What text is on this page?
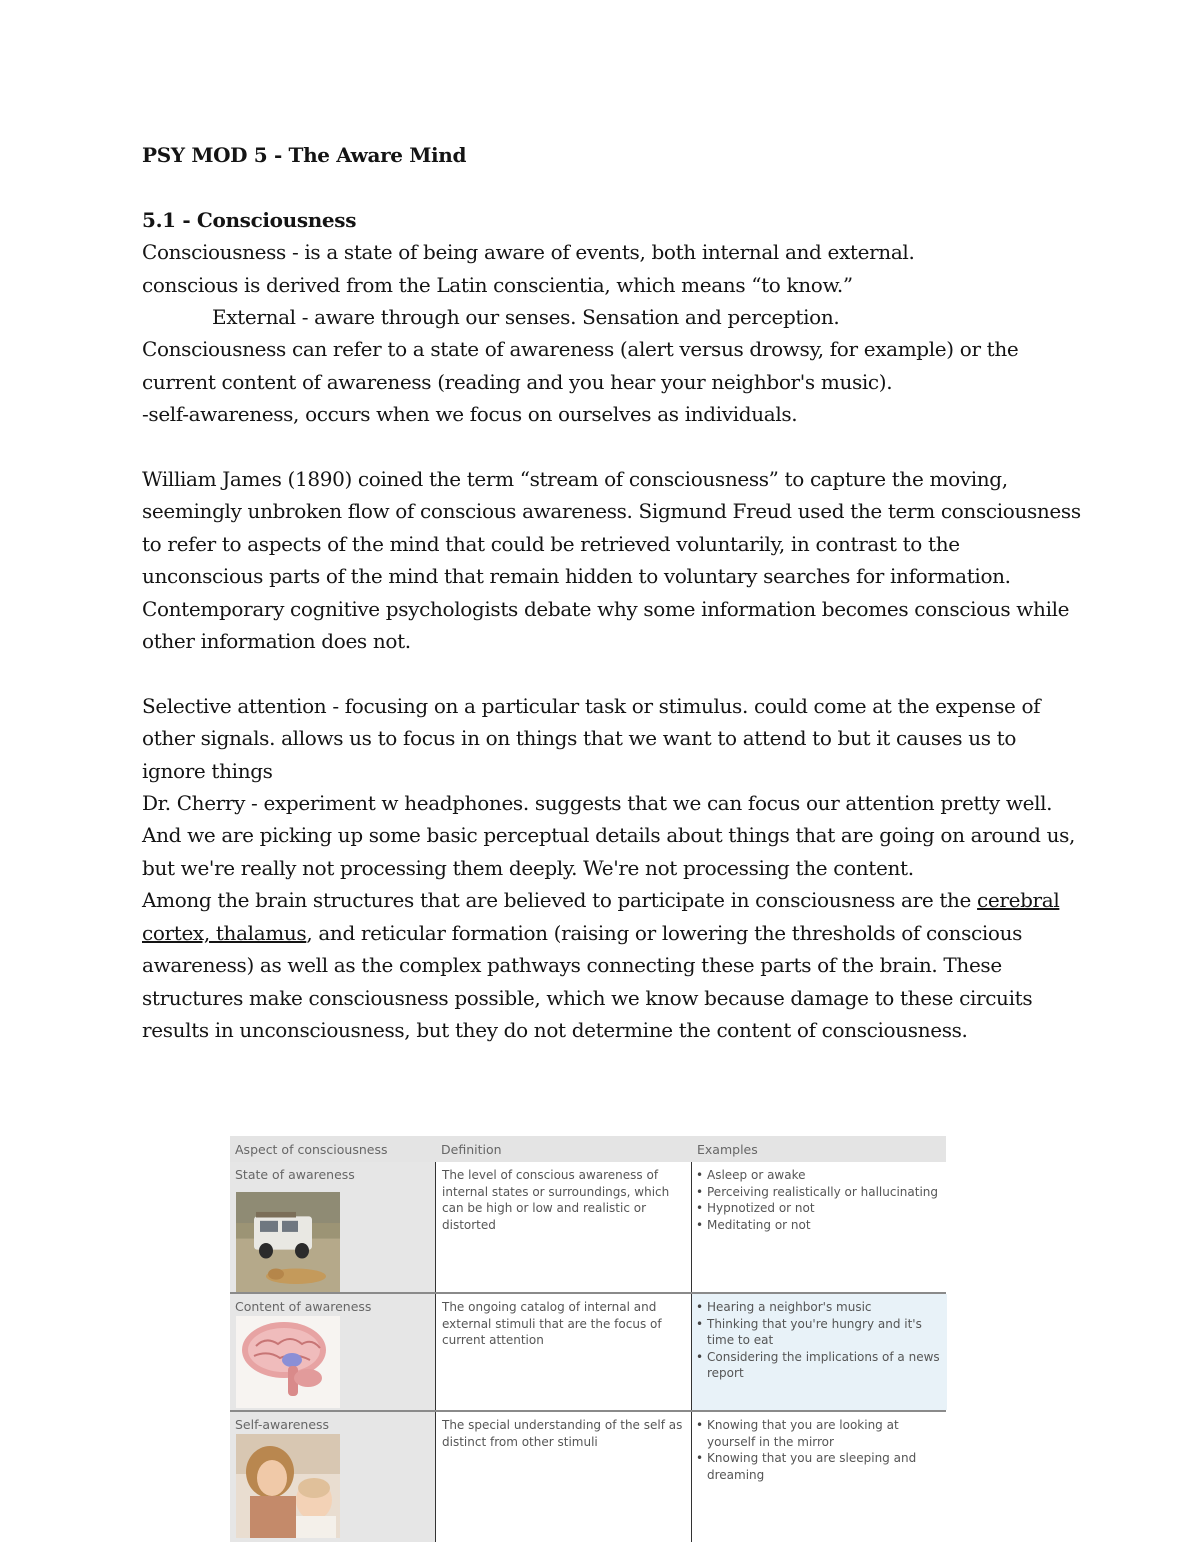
PSY MOD 5 - The Aware Mind

5.1 - Consciousness

Consciousness - is a state of being aware of events, both internal and external.

conscious is derived from the Latin conscientia, which means “to know.”

External - aware through our senses. Sensation and perception.

Consciousness can refer to a state of awareness (alert versus drowsy, for example) or the current content of awareness (reading and you hear your neighbor's music).

-self-awareness, occurs when we focus on ourselves as individuals.

William James (1890) coined the term “stream of consciousness” to capture the moving, seemingly unbroken flow of conscious awareness. Sigmund Freud used the term consciousness to refer to aspects of the mind that could be retrieved voluntarily, in contrast to the unconscious parts of the mind that remain hidden to voluntary searches for information. Contemporary cognitive psychologists debate why some information becomes conscious while other information does not.

Selective attention - focusing on a particular task or stimulus. could come at the expense of other signals. allows us to focus in on things that we want to attend to but it causes us to ignore things

Dr. Cherry - experiment w headphones. suggests that we can focus our attention pretty well. And we are picking up some basic perceptual details about things that are going on around us, but we're really not processing them deeply. We're not processing the content.

Among the brain structures that are believed to participate in consciousness are the cerebral cortex, thalamus, and reticular formation (raising or lowering the thresholds of conscious awareness) as well as the complex pathways connecting these parts of the brain. These structures make consciousness possible, which we know because damage to these circuits results in unconsciousness, but they do not determine the content of consciousness.

Aspect of consciousness	Definition	Examples
State of awareness	The level of conscious awareness of internal states or surroundings, which can be high or low and realistic or distorted
• Asleep or awake
• Perceiving realistically or hallucinating
• Hypnotized or not
• Meditating or not
Content of awareness	The ongoing catalog of internal and external stimuli that are the focus of current attention
• Hearing a neighbor's music
• Thinking that you're hungry and it's time to eat
• Considering the implications of a news report
Self-awareness	The special understanding of the self as distinct from other stimuli
• Knowing that you are looking at yourself in the mirror
• Knowing that you are sleeping and dreaming
